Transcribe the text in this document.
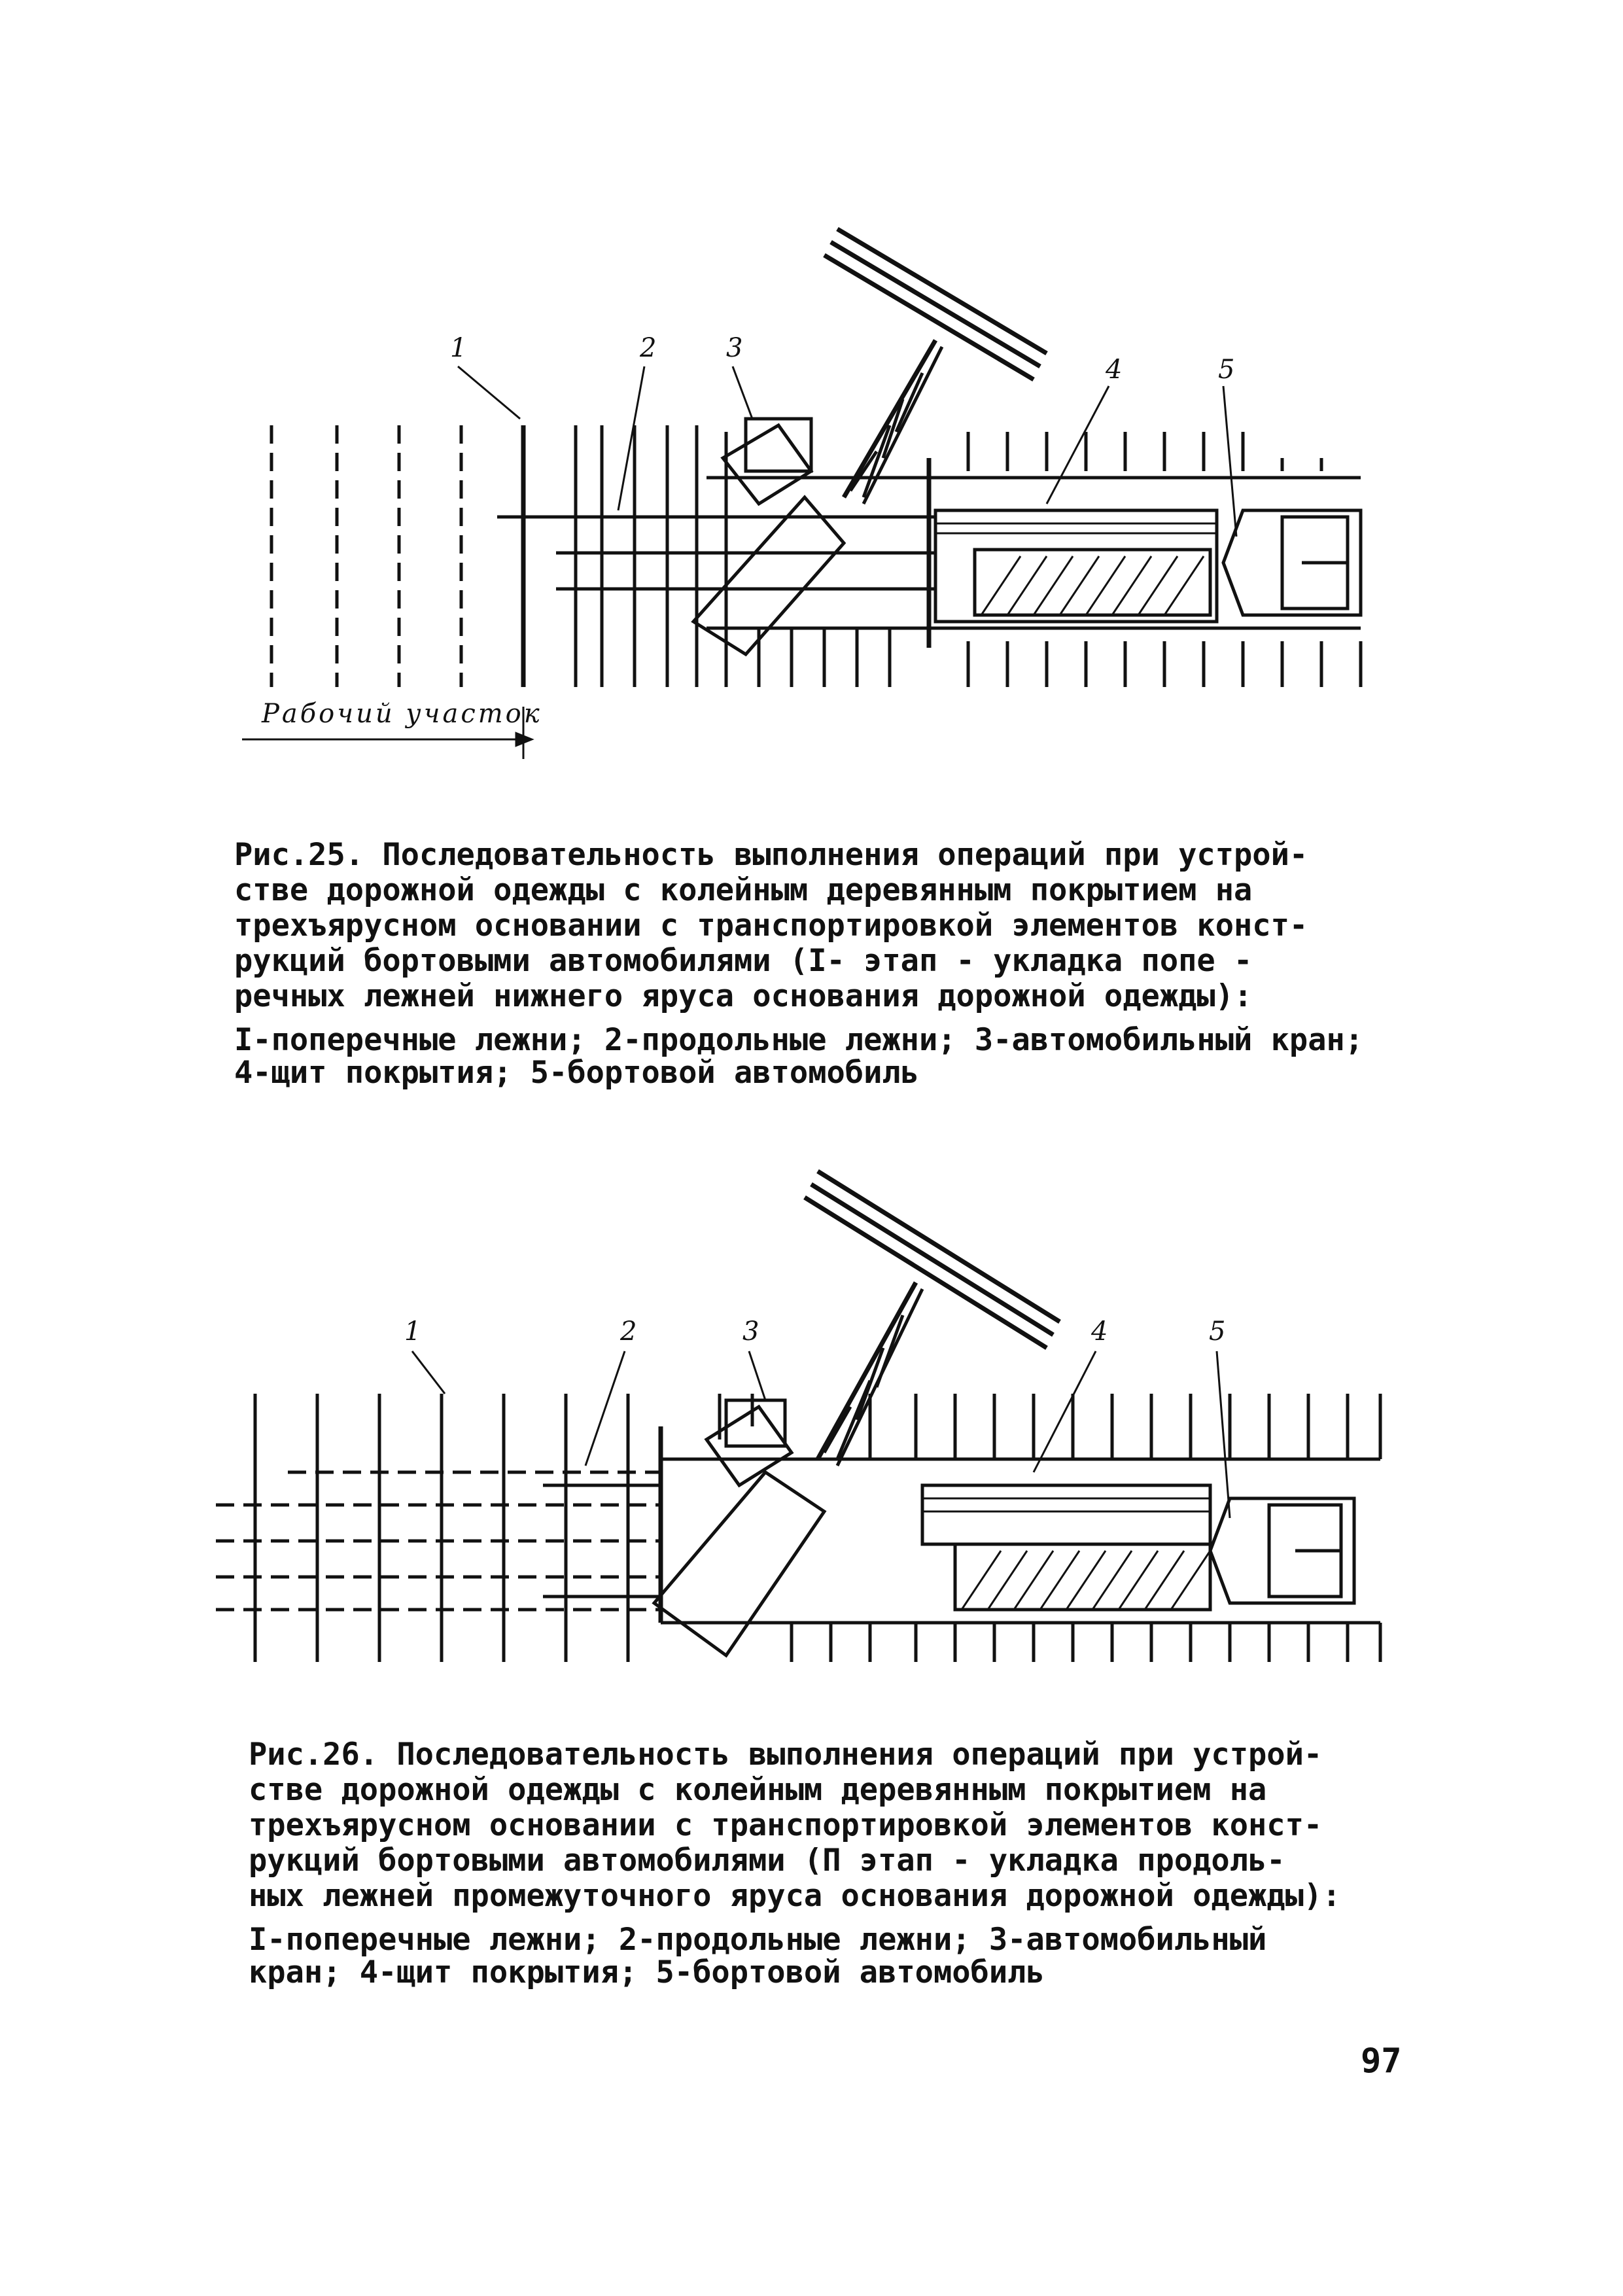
1	2	3
4	5
Рабочий участок
Рис.25. Последовательность выполнения операций при устрой-
стве дорожной одежды с колейным деревянным покрытием на
трехъярусном основании с транспортировкой элементов конст-
рукций бортовыми автомобилями (I- этап - укладка попе -
речных лежней нижнего яруса основания дорожной одежды):
I-поперечные лежни; 2-продольные лежни; 3-автомобильный кран;
4-щит покрытия; 5-бортовой автомобиль
1	2	3	4	5
Рис.26. Последовательность выполнения операций при устрой-
стве дорожной одежды с колейным деревянным покрытием на
трехъярусном основании с транспортировкой элементов конст-
рукций бортовыми автомобилями (П этап - укладка продоль-
ных лежней промежуточного яруса основания дорожной одежды):
I-поперечные лежни; 2-продольные лежни; 3-автомобильный
кран; 4-щит покрытия; 5-бортовой автомобиль
97
